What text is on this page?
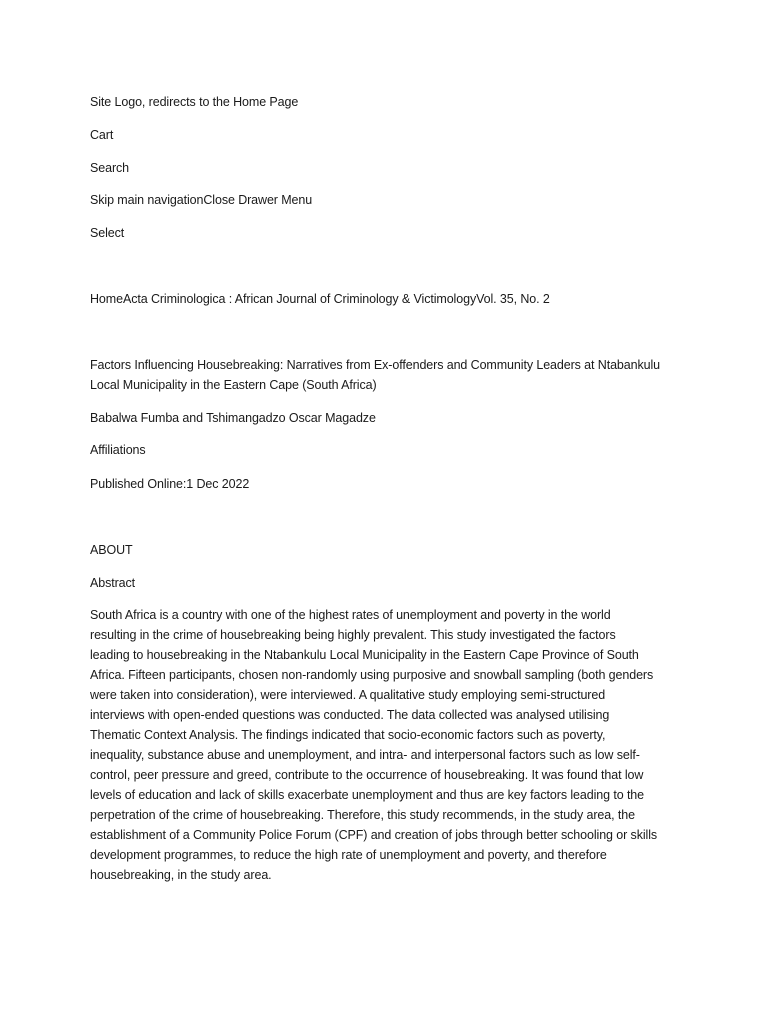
Site Logo, redirects to the Home Page
Cart
Search
Skip main navigationClose Drawer Menu
Select
HomeActa Criminologica : African Journal of Criminology & VictimologyVol. 35, No. 2
Factors Influencing Housebreaking: Narratives from Ex-offenders and Community Leaders at Ntabankulu
Local Municipality in the Eastern Cape (South Africa)
Babalwa Fumba and Tshimangadzo Oscar Magadze
Affiliations
Published Online:1 Dec 2022
ABOUT
Abstract
South Africa is a country with one of the highest rates of unemployment and poverty in the world
resulting in the crime of housebreaking being highly prevalent. This study investigated the factors
leading to housebreaking in the Ntabankulu Local Municipality in the Eastern Cape Province of South
Africa. Fifteen participants, chosen non-randomly using purposive and snowball sampling (both genders
were taken into consideration), were interviewed. A qualitative study employing semi-structured
interviews with open-ended questions was conducted. The data collected was analysed utilising
Thematic Context Analysis. The findings indicated that socio-economic factors such as poverty,
inequality, substance abuse and unemployment, and intra- and interpersonal factors such as low self-
control, peer pressure and greed, contribute to the occurrence of housebreaking. It was found that low
levels of education and lack of skills exacerbate unemployment and thus are key factors leading to the
perpetration of the crime of housebreaking. Therefore, this study recommends, in the study area, the
establishment of a Community Police Forum (CPF) and creation of jobs through better schooling or skills
development programmes, to reduce the high rate of unemployment and poverty, and therefore
housebreaking, in the study area.
